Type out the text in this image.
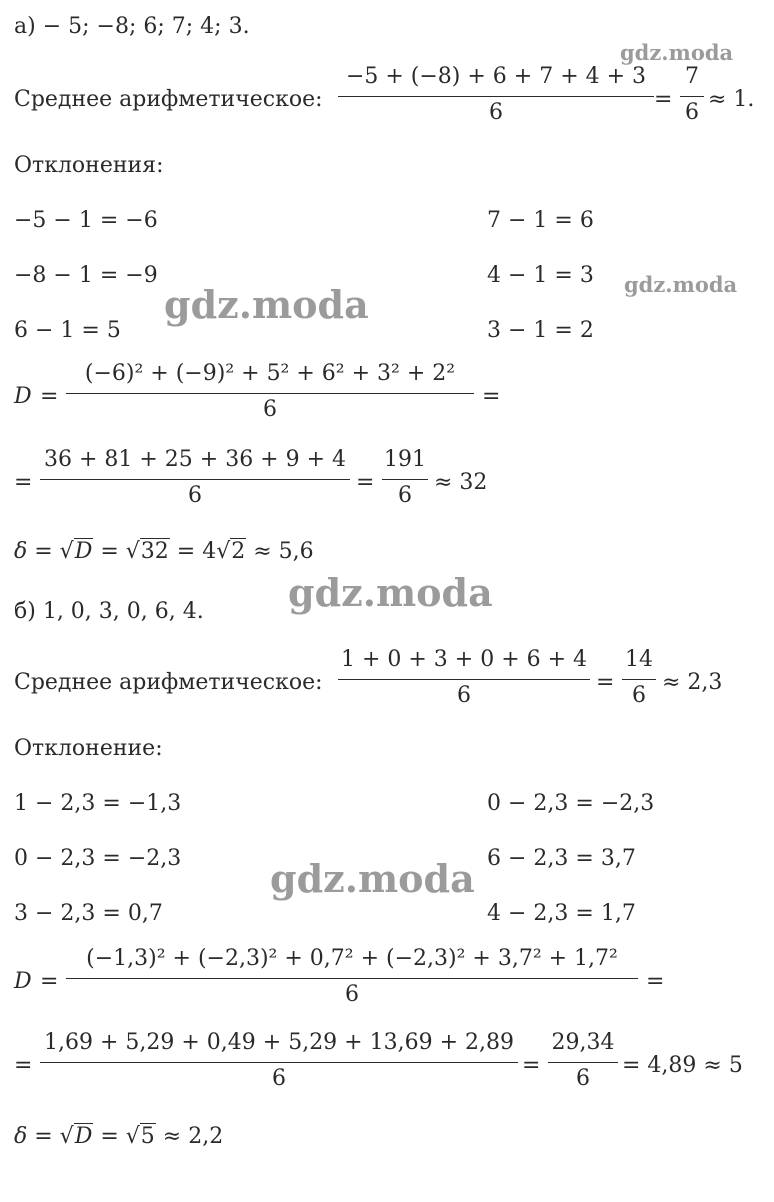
gdz.moda
gdz.moda	gdz.moda
gdz.moda
gdz.moda
а) − 5; −8; 6; 7; 4; 3.
Среднее арифметическое:
−5 + (−8) + 6 + 7 + 4 + 3
6
=
7
6
≈ 1.
Отклонения:
−5 − 1 = −6	7 − 1 = 6
−8 − 1 = −9	4 − 1 = 3
6 − 1 = 5	3 − 1 = 2
D =
(−6)² + (−9)² + 5² + 6² + 3² + 2²
6
=
=
36 + 81 + 25 + 36 + 9 + 4
6
=
191
6
≈ 32
δ = √D = √32 = 4√2 ≈ 5,6
б) 1, 0, 3, 0, 6, 4.
Среднее арифметическое:
1 + 0 + 3 + 0 + 6 + 4
6
=
14
6
≈ 2,3
Отклонение:
1 − 2,3 = −1,3	0 − 2,3 = −2,3
0 − 2,3 = −2,3	6 − 2,3 = 3,7
3 − 2,3 = 0,7	4 − 2,3 = 1,7
D =
(−1,3)² + (−2,3)² + 0,7² + (−2,3)² + 3,7² + 1,7²
6
=
=
1,69 + 5,29 + 0,49 + 5,29 + 13,69 + 2,89
6
=
29,34
6
= 4,89 ≈ 5
δ = √D = √5 ≈ 2,2
